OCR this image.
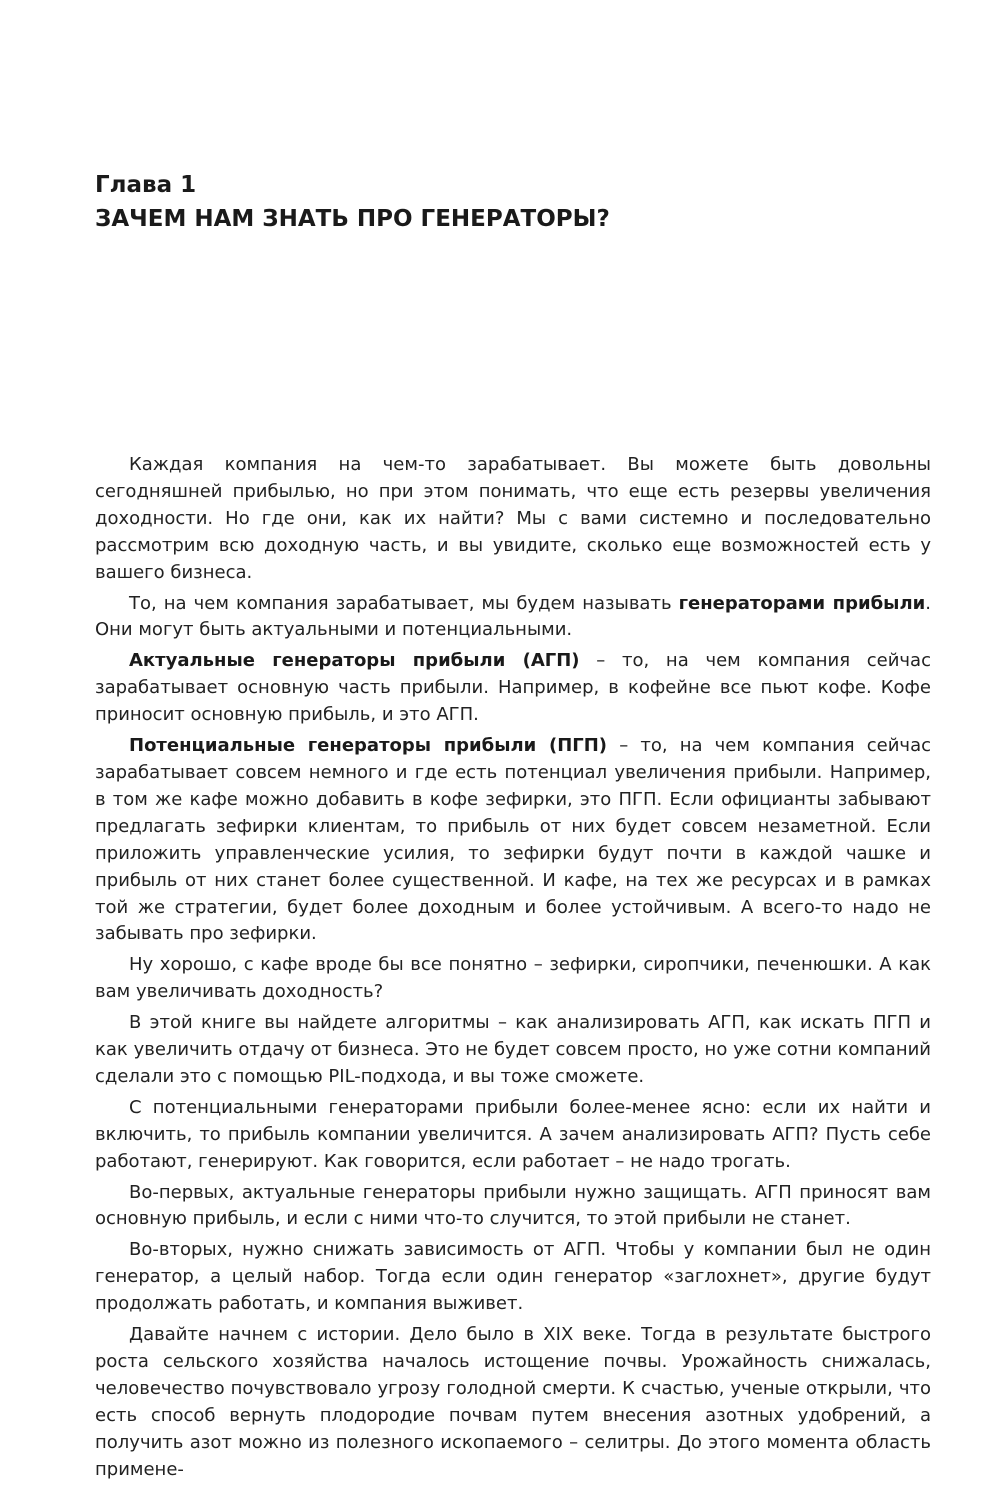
Глава 1
ЗАЧЕМ НАМ ЗНАТЬ ПРО ГЕНЕРАТОРЫ?

Каждая компания на чем-то зарабатывает. Вы можете быть довольны сегодняшней прибылью, но при этом понимать, что еще есть резервы увеличения доходности. Но где они, как их найти? Мы с вами системно и последовательно рассмотрим всю доходную часть, и вы увидите, сколько еще возможностей есть у вашего бизнеса.

То, на чем компания зарабатывает, мы будем называть генераторами прибыли. Они могут быть актуальными и потенциальными.

Актуальные генераторы прибыли (АГП) – то, на чем компания сейчас зарабатывает основную часть прибыли. Например, в кофейне все пьют кофе. Кофе приносит основную прибыль, и это АГП.

Потенциальные генераторы прибыли (ПГП) – то, на чем компания сейчас зарабатывает совсем немного и где есть потенциал увеличения прибыли. Например, в том же кафе можно добавить в кофе зефирки, это ПГП. Если официанты забывают предлагать зефирки клиентам, то прибыль от них будет совсем незаметной. Если приложить управленческие усилия, то зефирки будут почти в каждой чашке и прибыль от них станет более существенной. И кафе, на тех же ресурсах и в рамках той же стратегии, будет более доходным и более устойчивым. А всего-то надо не забывать про зефирки.

Ну хорошо, с кафе вроде бы все понятно – зефирки, сиропчики, печенюшки. А как вам увеличивать доходность?

В этой книге вы найдете алгоритмы – как анализировать АГП, как искать ПГП и как увеличить отдачу от бизнеса. Это не будет совсем просто, но уже сотни компаний сделали это с помощью PIL-подхода, и вы тоже сможете.

С потенциальными генераторами прибыли более-менее ясно: если их найти и включить, то прибыль компании увеличится. А зачем анализировать АГП? Пусть себе работают, генерируют. Как говорится, если работает – не надо трогать.

Во-первых, актуальные генераторы прибыли нужно защищать. АГП приносят вам основную прибыль, и если с ними что-то случится, то этой прибыли не станет.

Во-вторых, нужно снижать зависимость от АГП. Чтобы у компании был не один генератор, а целый набор. Тогда если один генератор «заглохнет», другие будут продолжать работать, и компания выживет.

Давайте начнем с истории. Дело было в XIX веке. Тогда в результате быстрого роста сельского хозяйства началось истощение почвы. Урожайность снижалась, человечество почувствовало угрозу голодной смерти. К счастью, ученые открыли, что есть способ вернуть плодородие почвам путем внесения азотных удобрений, а получить азот можно из полезного ископаемого – селитры. До этого момента область примене-
